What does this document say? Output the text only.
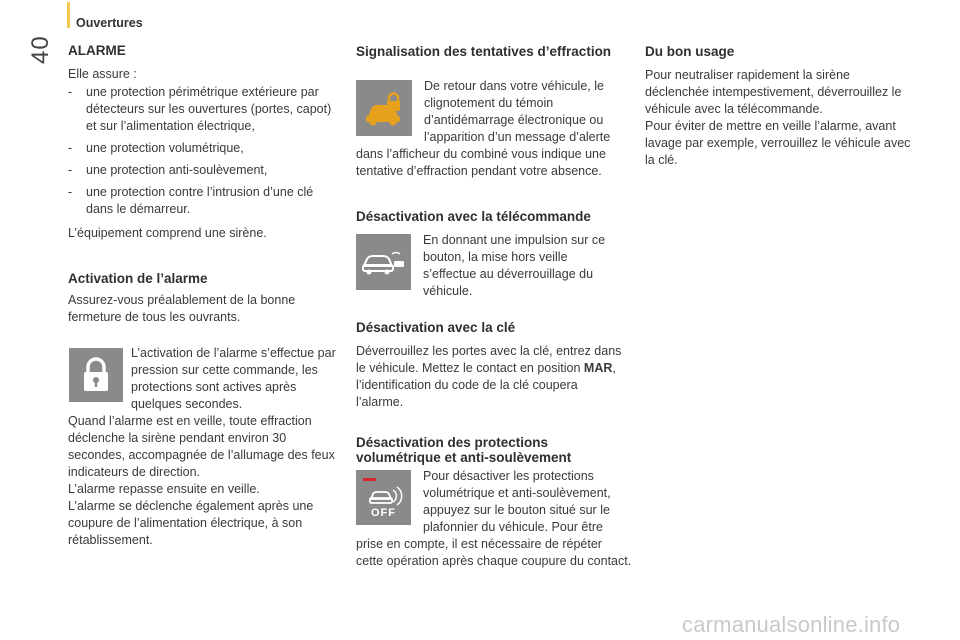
Ouvertures
40 ALARME

Elle assure :

- une protection périmétrique extérieure par détecteurs sur les ouvertures (portes, capot) et sur l’alimentation électrique,
- une protection volumétrique,
- une protection anti-soulèvement,
- une protection contre l’intrusion d’une clé dans le démarreur.

L’équipement comprend une sirène.

Activation de l’alarme

Assurez-vous préalablement de la bonne fermeture de tous les ouvrants.

L’activation de l’alarme s’effectue par pression sur cette commande, les protections sont actives après quelques secondes.
Quand l’alarme est en veille, toute effraction déclenche la sirène pendant environ 30 secondes, accompagnée de l’allumage des feux indicateurs de direction.
L’alarme repasse ensuite en veille.
L’alarme se déclenche également après une coupure de l’alimentation électrique, à son rétablissement.
Signalisation des tentatives d’effraction
De retour dans votre véhicule, le clignotement du témoin d’antidémarrage électronique ou l’apparition d’un message d’alerte
dans l’afficheur du combiné vous indique une tentative d’effraction pendant votre absence.
Désactivation avec la télécommande
En donnant une impulsion sur ce bouton, la mise hors veille s’effectue au déverrouillage du véhicule.
Désactivation avec la clé

Déverrouillez les portes avec la clé, entrez dans le véhicule. Mettez le contact en position MAR, l’identification du code de la clé coupera l’alarme.

Désactivation des protections volumétrique et anti-soulèvement
OFF
Pour désactiver les protections volumétrique et anti-soulèvement, appuyez sur le bouton situé sur le plafonnier du véhicule. Pour être
prise en compte, il est nécessaire de répéter cette opération après chaque coupure du contact.
Du bon usage

Pour neutraliser rapidement la sirène déclenchée intempestivement, déverrouillez le véhicule avec la télécommande.
Pour éviter de mettre en veille l’alarme, avant lavage par exemple, verrouillez le véhicule avec la clé.

carmanualsonline.info
